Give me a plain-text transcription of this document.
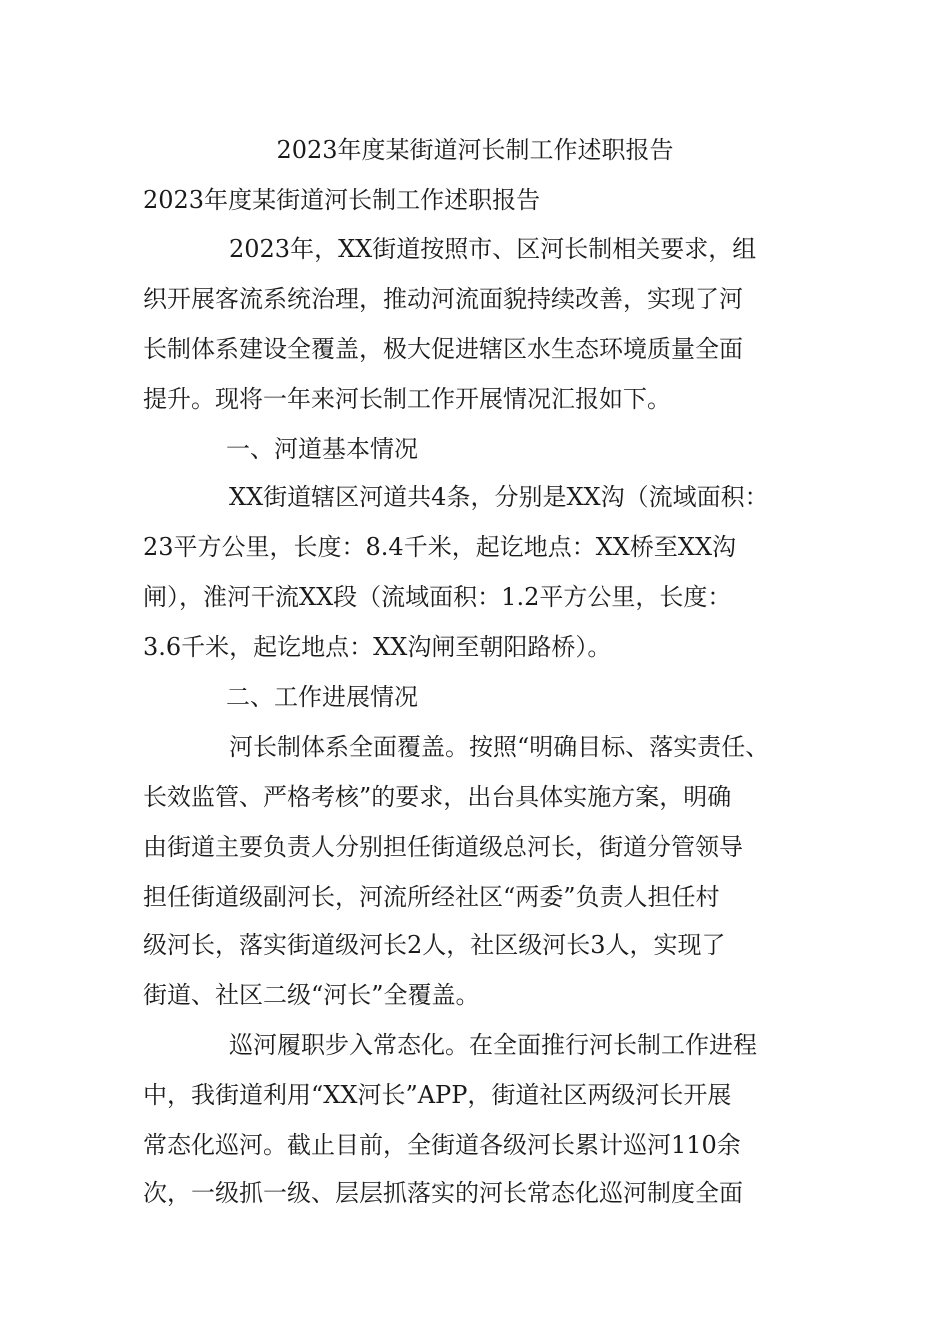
2023年度某街道河长制工作述职报告
2023年度某街道河长制工作述职报告
2023年，XX街道按照市、区河长制相关要求，组
织开展客流系统治理，推动河流面貌持续改善，实现了河
长制体系建设全覆盖，极大促进辖区水生态环境质量全面
提升。现将一年来河长制工作开展情况汇报如下。
一、河道基本情况
XX街道辖区河道共4条，分别是XX沟（流域面积：
23平方公里，长度：8.4千米，起讫地点：XX桥至XX沟
闸），淮河干流XX段（流域面积：1.2平方公里，长度：
3.6千米，起讫地点：XX沟闸至朝阳路桥）。
二、工作进展情况
河长制体系全面覆盖。按照“明确目标、落实责任、
长效监管、严格考核”的要求，出台具体实施方案，明确
由街道主要负责人分别担任街道级总河长，街道分管领导
担任街道级副河长，河流所经社区“两委”负责人担任村
级河长，落实街道级河长2人，社区级河长3人，实现了
街道、社区二级“河长”全覆盖。
巡河履职步入常态化。在全面推行河长制工作进程
中，我街道利用“XX河长”APP，街道社区两级河长开展
常态化巡河。截止目前，全街道各级河长累计巡河110余
次，一级抓一级、层层抓落实的河长常态化巡河制度全面
